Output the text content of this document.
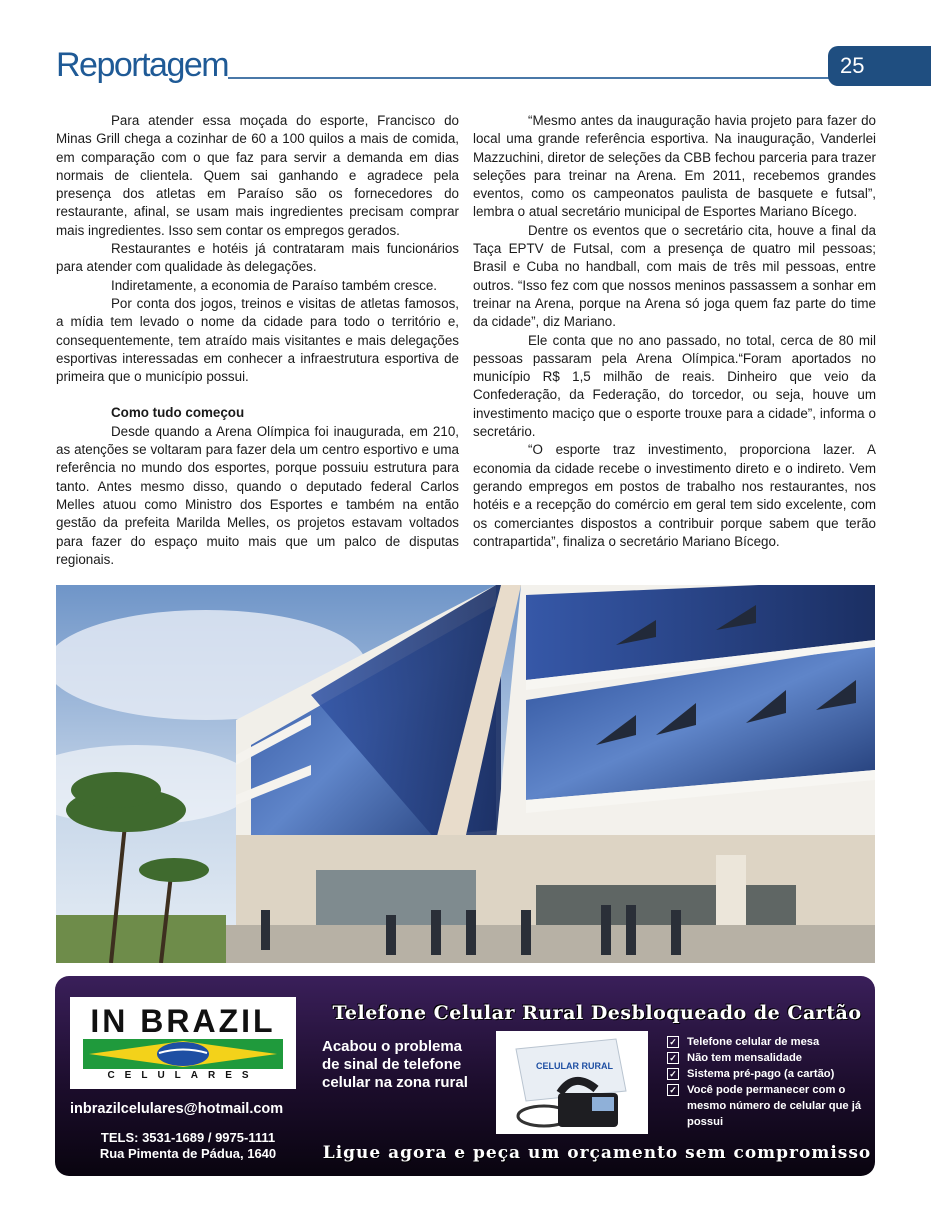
Reportagem	25

Para atender essa moçada do esporte, Francisco do Minas Grill chega a cozinhar de 60 a 100 quilos a mais de comida, em comparação com o que faz para servir a demanda em dias normais de clientela. Quem sai ganhando e agradece pela presença dos atletas em Paraíso são os fornecedores do restaurante, afinal, se usam mais ingredientes precisam comprar mais ingredientes. Isso sem contar os empregos gerados.

Restaurantes e hotéis já contrataram mais funcionários para atender com qualidade às delegações.

Indiretamente, a economia de Paraíso também cresce.

Por conta dos jogos, treinos e visitas de atletas famosos, a mídia tem levado o nome da cidade para todo o território e, consequentemente, tem atraído mais visitantes e mais delegações esportivas interessadas em conhecer a infraestrutura esportiva de primeira que o município possui.

Como tudo começou

Desde quando a Arena Olímpica foi inaugurada, em 210, as atenções se voltaram para fazer dela um centro esportivo e uma referência no mundo dos esportes, porque possuiu estrutura para tanto. Antes mesmo disso, quando o deputado federal Carlos Melles atuou como Ministro dos Esportes e também na então gestão da prefeita Marilda Melles, os projetos estavam voltados para fazer do espaço muito mais que um palco de disputas regionais.

“Mesmo antes da inauguração havia projeto para fazer do local uma grande referência esportiva. Na inauguração, Vanderlei Mazzuchini, diretor de seleções da CBB fechou parceria para trazer seleções para treinar na Arena. Em 2011, recebemos grandes eventos, como os campeonatos paulista de basquete e futsal”, lembra o atual secretário municipal de Esportes Mariano Bícego.

Dentre os eventos que o secretário cita, houve a final da Taça EPTV de Futsal, com a presença de quatro mil pessoas; Brasil e Cuba no handball, com mais de três mil pessoas, entre outros. “Isso fez com que nossos meninos passassem a sonhar em treinar na Arena, porque na Arena só joga quem faz parte do time da cidade”, diz Mariano.

Ele conta que no ano passado, no total, cerca de 80 mil pessoas passaram pela Arena Olímpica.“Foram aportados no município R$ 1,5 milhão de reais. Dinheiro que veio da Confederação, da Federação, do torcedor, ou seja, houve um investimento maciço que o esporte trouxe para a cidade”, informa o secretário.

“O esporte traz investimento, proporciona lazer. A economia da cidade recebe o investimento direto e o indireto. Vem gerando empregos em postos de trabalho nos restaurantes, nos hotéis e a recepção do comércio em geral tem sido excelente, com os comerciantes dispostos a contribuir porque sabem que terão contrapartida”, finaliza o secretário Mariano Bícego.

IN BRAZIL
CELULARES
inbrazilcelulares@hotmail.com
TELS: 3531-1689 / 9975-1111
Rua Pimenta de Pádua, 1640
Telefone Celular Rural Desbloqueado de Cartão
Acabou o problema de sinal de telefone celular na zona rural
CELULAR RURAL
✓ Telefone celular de mesa
✓ Não tem mensalidade
✓ Sistema pré-pago (a cartão)
✓ Você pode permanecer com o mesmo número de celular que já possui
Ligue agora e peça um orçamento sem compromisso
